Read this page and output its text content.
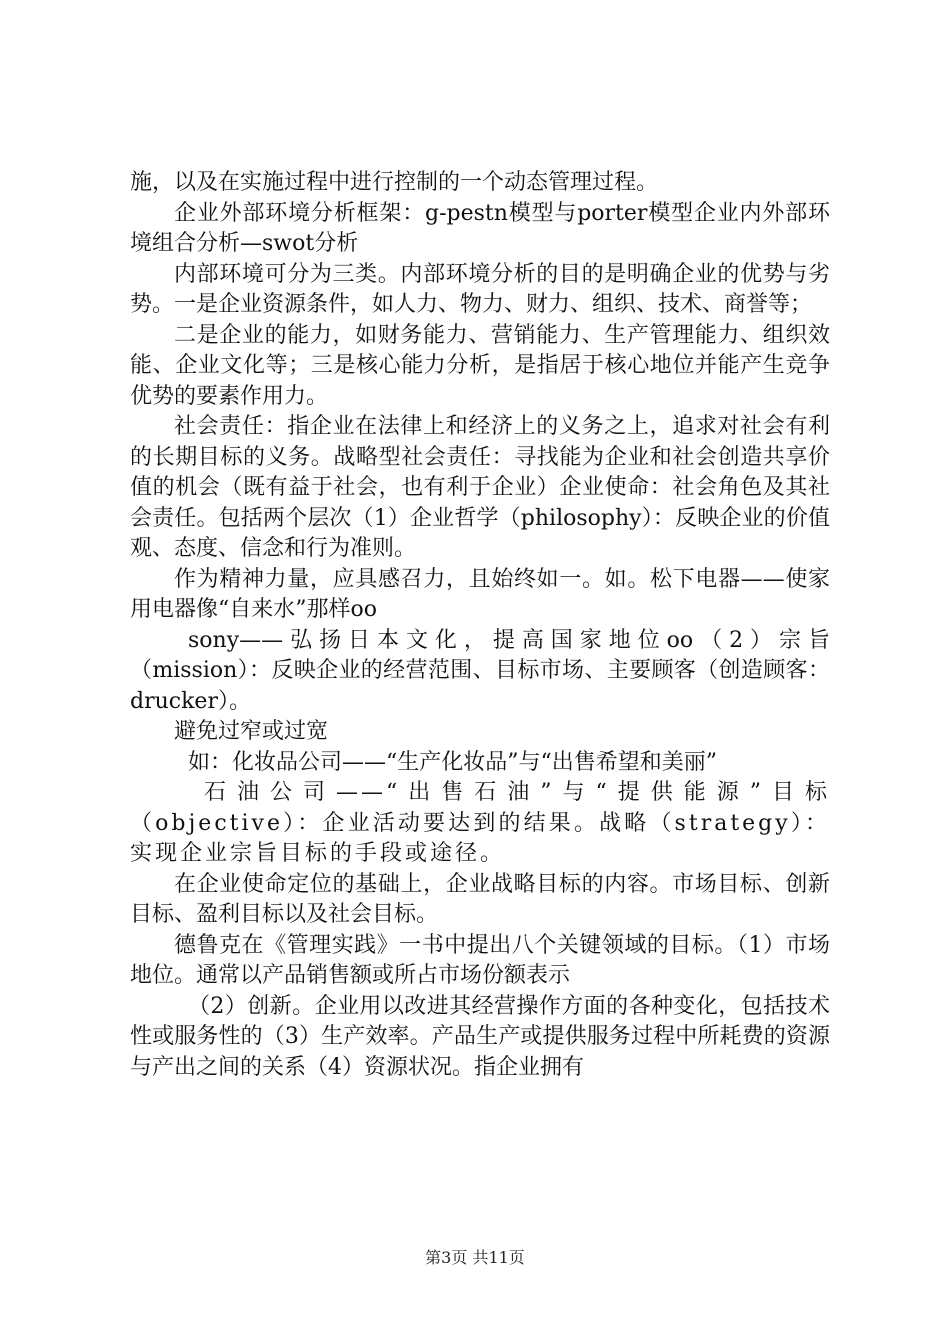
施，以及在实施过程中进行控制的一个动态管理过程。

企业外部环境分析框架：g-pestn模型与porter模型企业内外部环境组合分析—swot分析

内部环境可分为三类。内部环境分析的目的是明确企业的优势与劣势。一是企业资源条件，如人力、物力、财力、组织、技术、商誉等；

二是企业的能力，如财务能力、营销能力、生产管理能力、组织效能、企业文化等；三是核心能力分析，是指居于核心地位并能产生竞争优势的要素作用力。

社会责任：指企业在法律上和经济上的义务之上，追求对社会有利的长期目标的义务。战略型社会责任：寻找能为企业和社会创造共享价值的机会（既有益于社会，也有利于企业）企业使命：社会角色及其社会责任。包括两个层次（1）企业哲学（philosophy）：反映企业的价值观、态度、信念和行为准则。

作为精神力量，应具感召力，且始终如一。如。松下电器——使家用电器像“自来水”那样oo

sony——弘扬日本文化，提高国家地位oo（2）宗旨（mission）：反映企业的经营范围、目标市场、主要顾客（创造顾客：drucker）。

避免过窄或过宽

如：化妆品公司——“生产化妆品”与“出售希望和美丽”

石油公司——“出售石油”与“提供能源”目标（objective）：企业活动要达到的结果。战略（strategy）：实现企业宗旨目标的手段或途径。

在企业使命定位的基础上，企业战略目标的内容。市场目标、创新目标、盈利目标以及社会目标。

德鲁克在《管理实践》一书中提出八个关键领域的目标。（1）市场地位。通常以产品销售额或所占市场份额表示

（2）创新。企业用以改进其经营操作方面的各种变化，包括技术性或服务性的（3）生产效率。产品生产或提供服务过程中所耗费的资源与产出之间的关系（4）资源状况。指企业拥有

第3页 共11页
